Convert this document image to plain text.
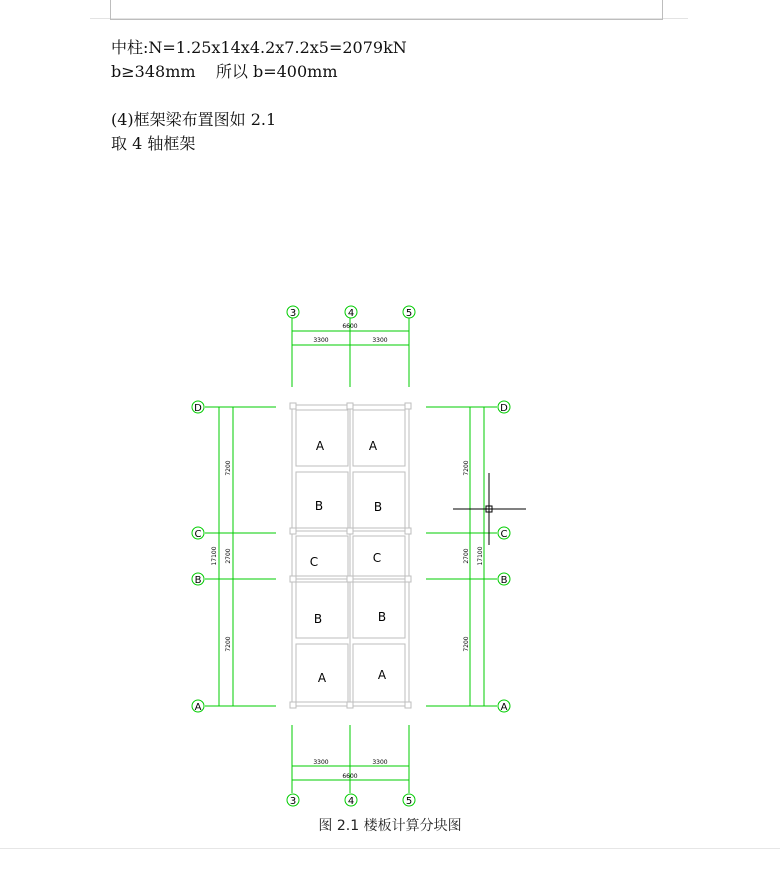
中柱:N=1.25x14x4.2x7.2x5=2079kN
b≥348mm    所以 b=400mm
(4)框架梁布置图如 2.1
取 4 轴框架
3	4	5
3	4	5
D
C
B
A
D
C
B
A
6600
3300	3300
3300	3300
6600
7200
2700
7200
17100
7200
2700
7200
17100
A	A
B	B
C	C
B	B
A	A
图 2.1 楼板计算分块图
